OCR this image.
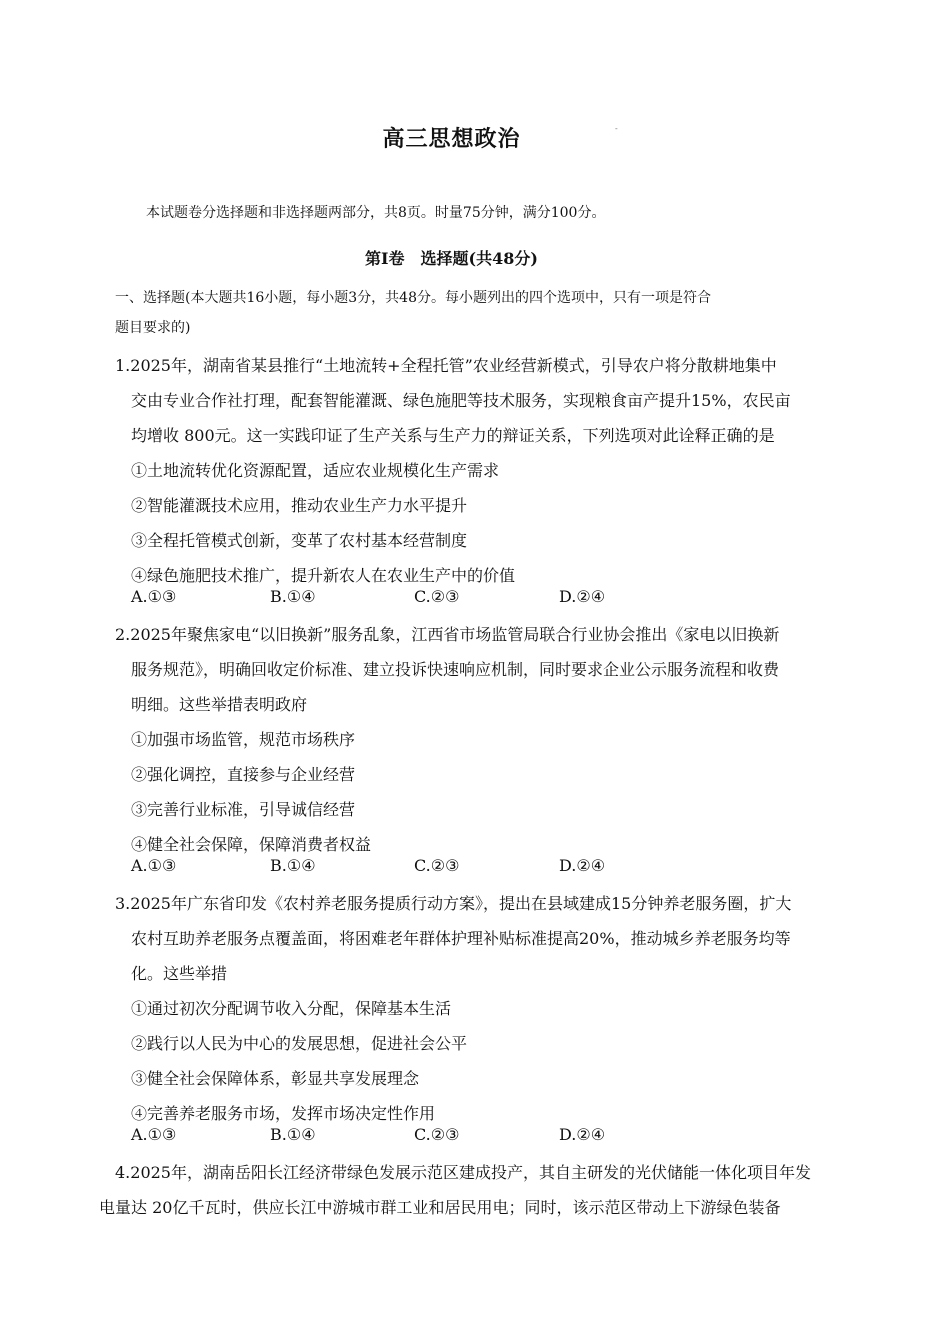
高三思想政治	-
本试题卷分选择题和非选择题两部分，共8页。时量75分钟，满分100分。
第Ⅰ卷　选择题(共48分)
一、选择题(本大题共16小题，每小题3分，共48分。每小题列出的四个选项中，只有一项是符合
题目要求的)
1.2025年，湖南省某县推行“土地流转+全程托管”农业经营新模式，引导农户将分散耕地集中
交由专业合作社打理，配套智能灌溉、绿色施肥等技术服务，实现粮食亩产提升15%，农民亩
均增收 800元。这一实践印证了生产关系与生产力的辩证关系，下列选项对此诠释正确的是
①土地流转优化资源配置，适应农业规模化生产需求
②智能灌溉技术应用，推动农业生产力水平提升
③全程托管模式创新，变革了农村基本经营制度
④绿色施肥技术推广，提升新农人在农业生产中的价值
A.①③	B.①④	C.②③	D.②④
2.2025年聚焦家电“以旧换新”服务乱象，江西省市场监管局联合行业协会推出《家电以旧换新
服务规范》，明确回收定价标准、建立投诉快速响应机制，同时要求企业公示服务流程和收费
明细。这些举措表明政府
①加强市场监管，规范市场秩序
②强化调控，直接参与企业经营
③完善行业标准，引导诚信经营
④健全社会保障，保障消费者权益
A.①③	B.①④	C.②③	D.②④
3.2025年广东省印发《农村养老服务提质行动方案》，提出在县域建成15分钟养老服务圈，扩大
农村互助养老服务点覆盖面，将困难老年群体护理补贴标准提高20%，推动城乡养老服务均等
化。这些举措
①通过初次分配调节收入分配，保障基本生活
②践行以人民为中心的发展思想，促进社会公平
③健全社会保障体系，彰显共享发展理念
④完善养老服务市场，发挥市场决定性作用
A.①③	B.①④	C.②③	D.②④
4.2025年，湖南岳阳长江经济带绿色发展示范区建成投产，其自主研发的光伏储能一体化项目年发
电量达 20亿千瓦时，供应长江中游城市群工业和居民用电；同时，该示范区带动上下游绿色装备
